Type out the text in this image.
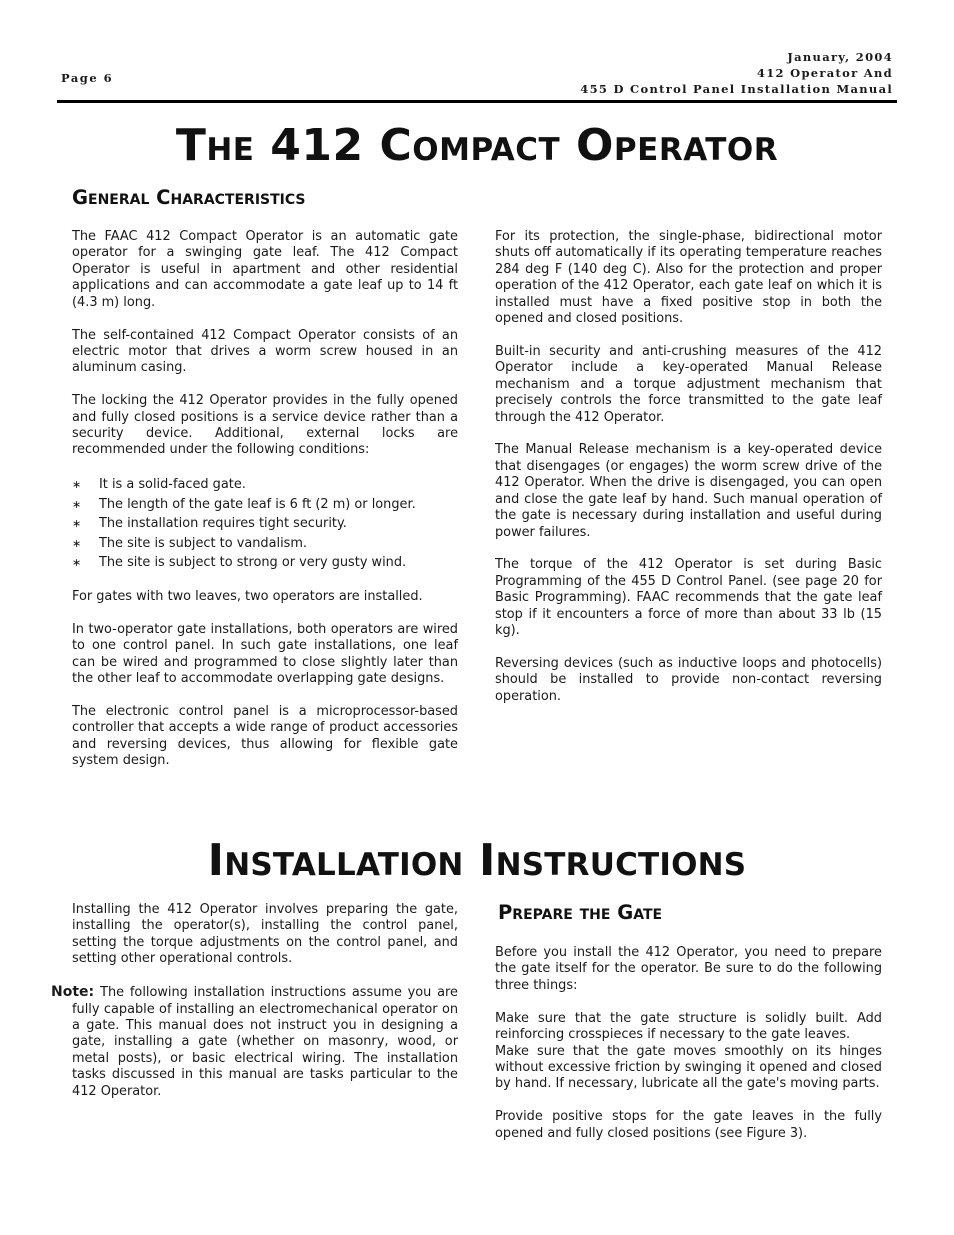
Page 6
January, 2004
412 Operator And
455 D Control Panel Installation Manual
The 412 Compact Operator
General Characteristics

The FAAC 412 Compact Operator is an automatic gate operator for a swinging gate leaf. The 412 Compact Operator is useful in apartment and other residential applications and can accommodate a gate leaf up to 14 ft (4.3 m) long.

The self-contained 412 Compact Operator consists of an electric motor that drives a worm screw housed in an aluminum casing.

The locking the 412 Operator provides in the fully opened and fully closed positions is a service device rather than a security device. Additional, external locks are recommended under the following conditions:

∗ It is a solid-faced gate.
∗ The length of the gate leaf is 6 ft (2 m) or longer.
∗ The installation requires tight security.
∗ The site is subject to vandalism.
∗ The site is subject to strong or very gusty wind.

For gates with two leaves, two operators are installed.

In two-operator gate installations, both operators are wired to one control panel. In such gate installations, one leaf can be wired and programmed to close slightly later than the other leaf to accommodate overlapping gate designs.

The electronic control panel is a microprocessor-based controller that accepts a wide range of product accessories and reversing devices, thus allowing for flexible gate system design.

For its protection, the single-phase, bidirectional motor shuts off automatically if its operating temperature reaches 284 deg F (140 deg C). Also for the protection and proper operation of the 412 Operator, each gate leaf on which it is installed must have a fixed positive stop in both the opened and closed positions.

Built-in security and anti-crushing measures of the 412 Operator include a key-operated Manual Release mechanism and a torque adjustment mechanism that precisely controls the force transmitted to the gate leaf through the 412 Operator.

The Manual Release mechanism is a key-operated device that disengages (or engages) the worm screw drive of the 412 Operator. When the drive is disengaged, you can open and close the gate leaf by hand. Such manual operation of the gate is necessary during installation and useful during power failures.

The torque of the 412 Operator is set during Basic Programming of the 455 D Control Panel. (see page 20 for Basic Programming). FAAC recommends that the gate leaf stop if it encounters a force of more than about 33 lb (15 kg).

Reversing devices (such as inductive loops and photocells) should be installed to provide non-contact reversing operation.

Installation Instructions

Installing the 412 Operator involves preparing the gate, installing the operator(s), installing the control panel, setting the torque adjustments on the control panel, and setting other operational controls.

Note: The following installation instructions assume you are fully capable of installing an electromechanical operator on a gate. This manual does not instruct you in designing a gate, installing a gate (whether on masonry, wood, or metal posts), or basic electrical wiring. The installation tasks discussed in this manual are tasks particular to the 412 Operator.

Prepare the Gate

Before you install the 412 Operator, you need to prepare the gate itself for the operator. Be sure to do the following three things:

Make sure that the gate structure is solidly built. Add reinforcing crosspieces if necessary to the gate leaves.

Make sure that the gate moves smoothly on its hinges without excessive friction by swinging it opened and closed by hand. If necessary, lubricate all the gate's moving parts.

Provide positive stops for the gate leaves in the fully opened and fully closed positions (see Figure 3).
